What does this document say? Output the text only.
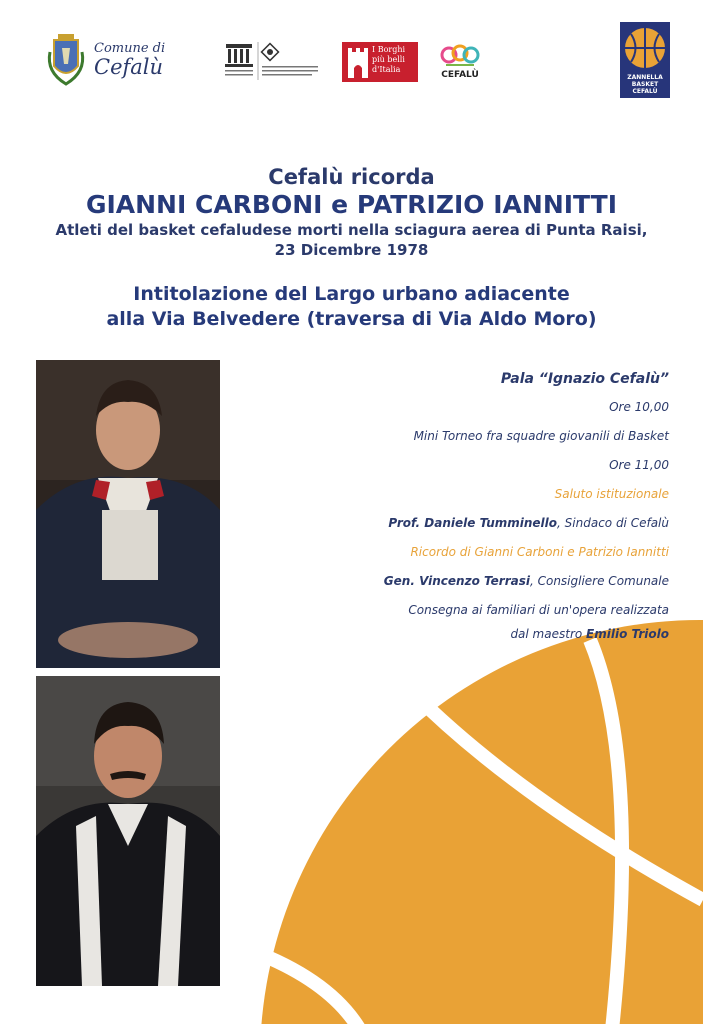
Comune di
Cefalù
I Borghi
più belli
d'Italia
CEFALÙ	ZANNELLA
BASKET CEFALÙ
Cefalù ricorda
GIANNI CARBONI e PATRIZIO IANNITTI
Atleti del basket cefaludese morti nella sciagura aerea di Punta Raisi,
23 Dicembre 1978
Intitolazione del Largo urbano adiacente
alla Via Belvedere (traversa di Via Aldo Moro)
Pala “Ignazio Cefalù”
Ore 10,00
Mini Torneo fra squadre giovanili di Basket
Ore 11,00
Saluto istituzionale
Prof. Daniele Tumminello, Sindaco di Cefalù
Ricordo di Gianni Carboni e Patrizio Iannitti
Gen. Vincenzo Terrasi, Consigliere Comunale
Consegna ai familiari di un'opera realizzata
dal maestro Emilio Triolo
